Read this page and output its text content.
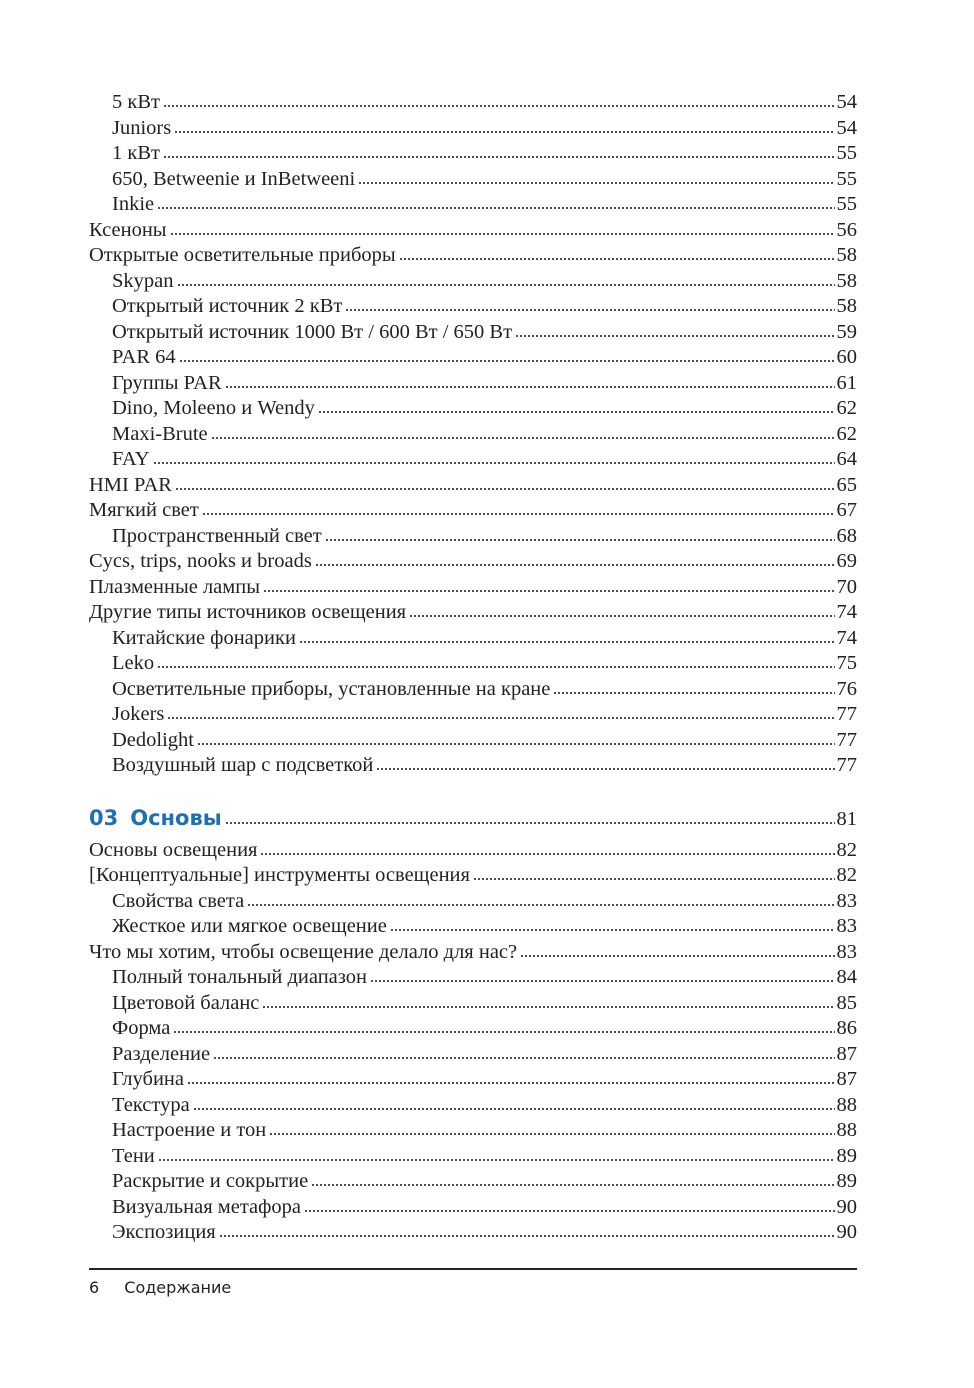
5 кВт	54
Juniors	54
1 кВт	55
650, Betweenie и InBetweeni	55
Inkie	55
Ксеноны	56
Открытые осветительные приборы	58
Skypan	58
Открытый источник 2 кВт	58
Открытый источник 1000 Вт / 600 Вт / 650 Вт	59
PAR 64	60
Группы PAR	61
Dino, Moleeno и Wendy	62
Maxi-Brute	62
FAY	64
HMI PAR	65
Мягкий свет	67
Пространственный свет	68
Cycs, trips, nooks и broads	69
Плазменные лампы	70
Другие типы источников освещения	74
Китайские фонарики	74
Leko	75
Осветительные приборы, установленные на кране	76
Jokers	77
Dedolight	77
Воздушный шар с подсветкой	77
03 Основы	81
Основы освещения	82
[Концептуальные] инструменты освещения	82
Свойства света	83
Жесткое или мягкое освещение	83
Что мы хотим, чтобы освещение делало для нас?	83
Полный тональный диапазон	84
Цветовой баланс	85
Форма	86
Разделение	87
Глубина	87
Текстура	88
Настроение и тон	88
Тени	89
Раскрытие и сокрытие	89
Визуальная метафора	90
Экспозиция	90
6 Содержание
